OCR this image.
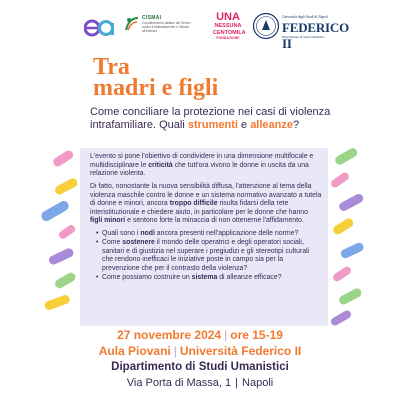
CISMAI
Coordinamento Italiano dei Servizi contro il Maltrattamento e l'Abuso all'Infanzia
UNA
NESSUNA
CENTOMILA
FONDAZIONE
Università degli Studi di Napoli
FEDERICO II
Dipartimento di Studi Umanistici
Tra
madri e figli
Come conciliare la protezione nei casi di violenza intrafamiliare. Quali strumenti e alleanze?

L'evento si pone l'obiettivo di condividere in una dimensione multifocale e multidisciplinare le criticità che tutt'ora vivono le donne in uscita da una relazione violenta.

Di fatto, nonostante la nuova sensibilità diffusa, l'attenzione al tema della violenza maschile contro le donne e un sistema normativo avanzato a tutela di donne e minori, ancora troppo difficile risulta fidarsi della rete interistituzionale e chiedere aiuto, in particolare per le donne che hanno figli minori e sentono forte la minaccia di non ottenerne l'affidamento.

• Quali sono i nodi ancora presenti nell'applicazione delle norme?
• Come sostenere il mondo delle operatrici e degli operatori sociali, sanitari e di giustizia nel superare i pregiudizi e gli stereotipi culturali che rendono inefficaci le iniziative poste in campo sia per la prevenzione che per il contrasto della violenza?
• Come possiamo costruire un sistema di alleanze efficace?
27 novembre 2024 | ore 15-19
Aula Piovani | Università Federico II
Dipartimento di Studi Umanistici
Via Porta di Massa, 1 | Napoli
